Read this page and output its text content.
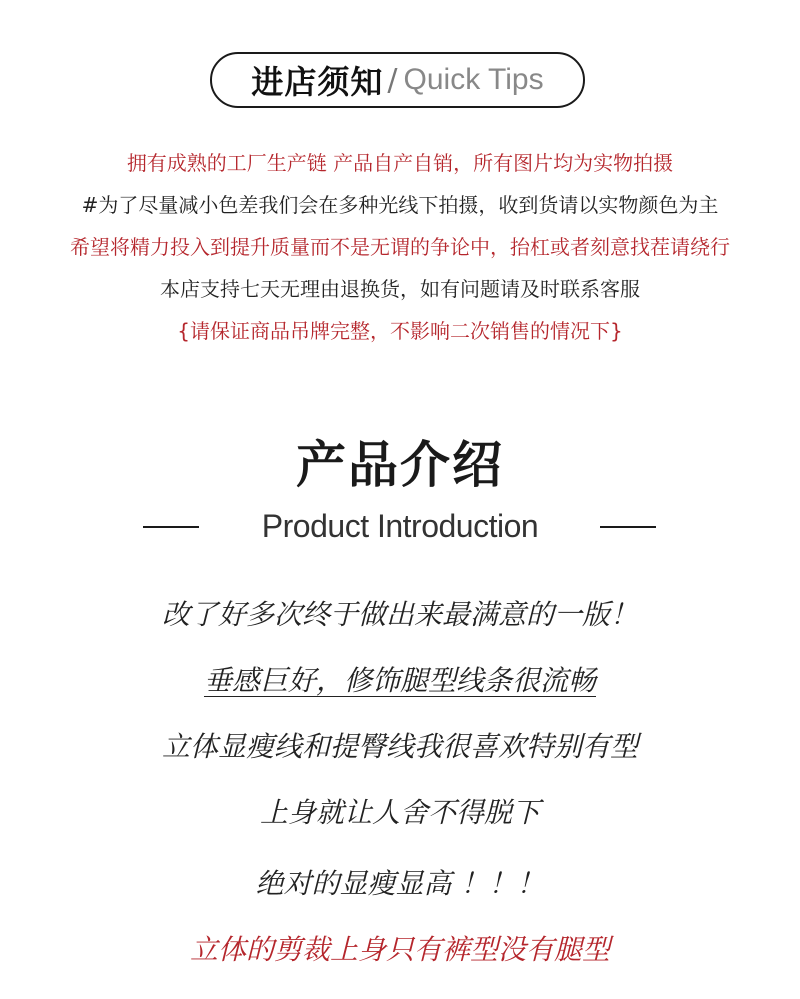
进店须知 / Quick Tips

拥有成熟的工厂生产链 产品自产自销，所有图片均为实物拍摄

#为了尽量减小色差我们会在多种光线下拍摄，收到货请以实物颜色为主

希望将精力投入到提升质量而不是无谓的争论中，抬杠或者刻意找茬请绕行

本店支持七天无理由退换货，如有问题请及时联系客服

{请保证商品吊牌完整，不影响二次销售的情况下}

产品介绍
Product Introduction

改了好多次终于做出来最满意的一版！

垂感巨好，修饰腿型线条很流畅

立体显瘦线和提臀线我很喜欢特别有型

上身就让人舍不得脱下

绝对的显瘦显高 ！！！

立体的剪裁上身只有裤型没有腿型
